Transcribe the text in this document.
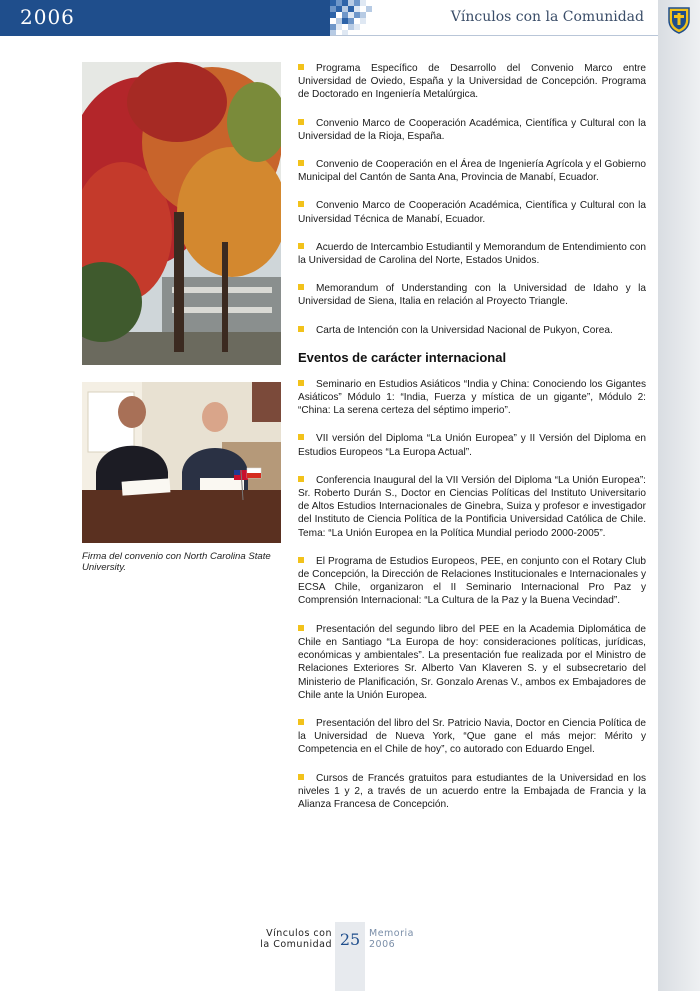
2006	Vínculos con la Comunidad
Firma del convenio con North Carolina State University.

Programa Específico de Desarrollo del Convenio Marco entre Universidad de Oviedo, España y la Universidad de Concepción. Programa de Doctorado en Ingeniería Metalúrgica.

Convenio Marco de Cooperación Académica, Científica y Cultural con la Universidad de la Rioja, España.

Convenio de Cooperación en el Área de Ingeniería Agrícola y el Gobierno Municipal del Cantón de Santa Ana, Provincia de Manabí, Ecuador.

Convenio Marco de Cooperación Académica, Científica y Cultural con la Universidad Técnica de Manabí, Ecuador.

Acuerdo de Intercambio Estudiantil y Memorandum de Entendimiento con la Universidad de Carolina del Norte, Estados Unidos.

Memorandum of Understanding con la Universidad de Idaho y la Universidad de Siena, Italia en relación al Proyecto Triangle.

Carta de Intención con la Universidad Nacional de Pukyon, Corea.

Eventos de carácter internacional

Seminario en Estudios Asiáticos “India y China: Conociendo los Gigantes Asiáticos” Módulo 1: “India, Fuerza y mística de un gigante”, Módulo 2: “China: La serena certeza del séptimo imperio”.

VII versión del Diploma “La Unión Europea” y II Versión del Diploma en Estudios Europeos “La Europa Actual”.

Conferencia Inaugural del la VII Versión del Diploma “La Unión Europea”: Sr. Roberto Durán S., Doctor en Ciencias Políticas del Instituto Universitario de Altos Estudios Internacionales de Ginebra, Suiza y profesor e investigador del Instituto de Ciencia Política de la Pontificia Universidad Católica de Chile. Tema: “La Unión Europea en la Política Mundial periodo 2000-2005”.

El Programa de Estudios Europeos, PEE, en conjunto con el Rotary Club de Concepción, la Dirección de Relaciones Institucionales e Internacionales y ECSA Chile, organizaron el II Seminario Internacional Pro Paz y Comprensión Internacional: “La Cultura de la Paz y la Buena Vecindad”.

Presentación del segundo libro del PEE en la Academia Diplomática de Chile en Santiago “La Europa de hoy: consideraciones políticas, jurídicas, económicas y ambientales”. La presentación fue realizada por el Ministro de Relaciones Exteriores Sr. Alberto Van Klaveren S. y el subsecretario del Ministerio de Planificación, Sr. Gonzalo Arenas V., ambos ex Embajadores de Chile ante la Unión Europea.

Presentación del libro del Sr. Patricio Navia, Doctor en Ciencia Política de la Universidad de Nueva York, “Que gane el más mejor: Mérito y Competencia en el Chile de hoy”, co autorado con Eduardo Engel.

Cursos de Francés gratuitos para estudiantes de la Universidad en los niveles 1 y 2, a través de un acuerdo entre la Embajada de Francia y la Alianza Francesa de Concepción.

Vínculos con
la Comunidad 25 Memoria
2006
